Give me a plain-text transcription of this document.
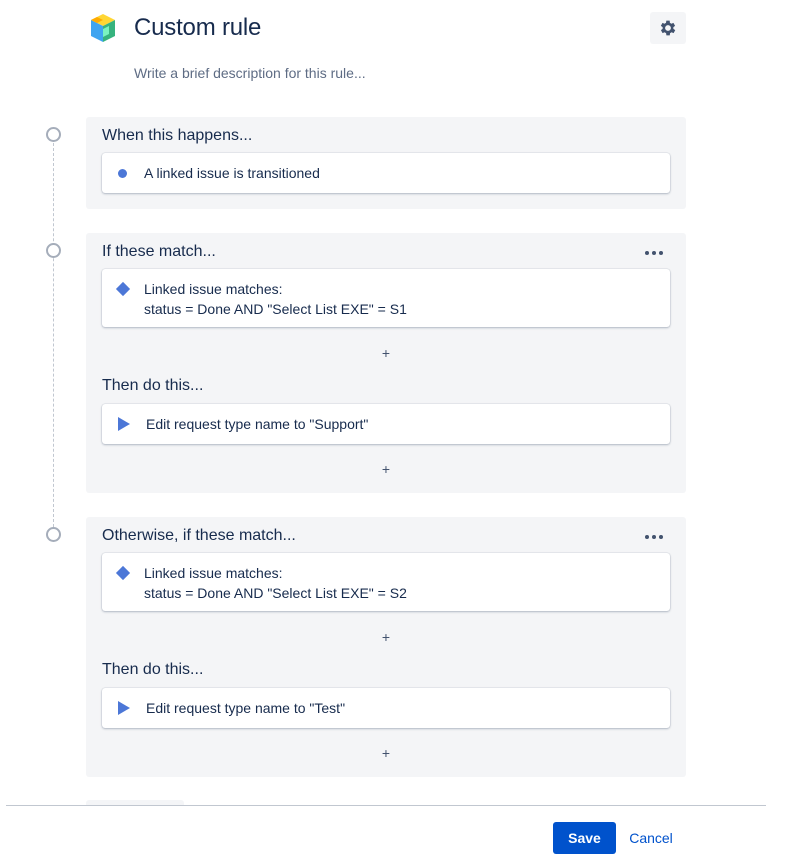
Custom rule
Write a brief description for this rule...
When this happens...
A linked issue is transitioned
If these match...
Linked issue matches:
status = Done AND "Select List EXE" = S1
+
Then do this...
Edit request type name to "Support"
+
Otherwise, if these match...
Linked issue matches:
status = Done AND "Select List EXE" = S2
+
Then do this...
Edit request type name to "Test"
+
Save	Cancel
